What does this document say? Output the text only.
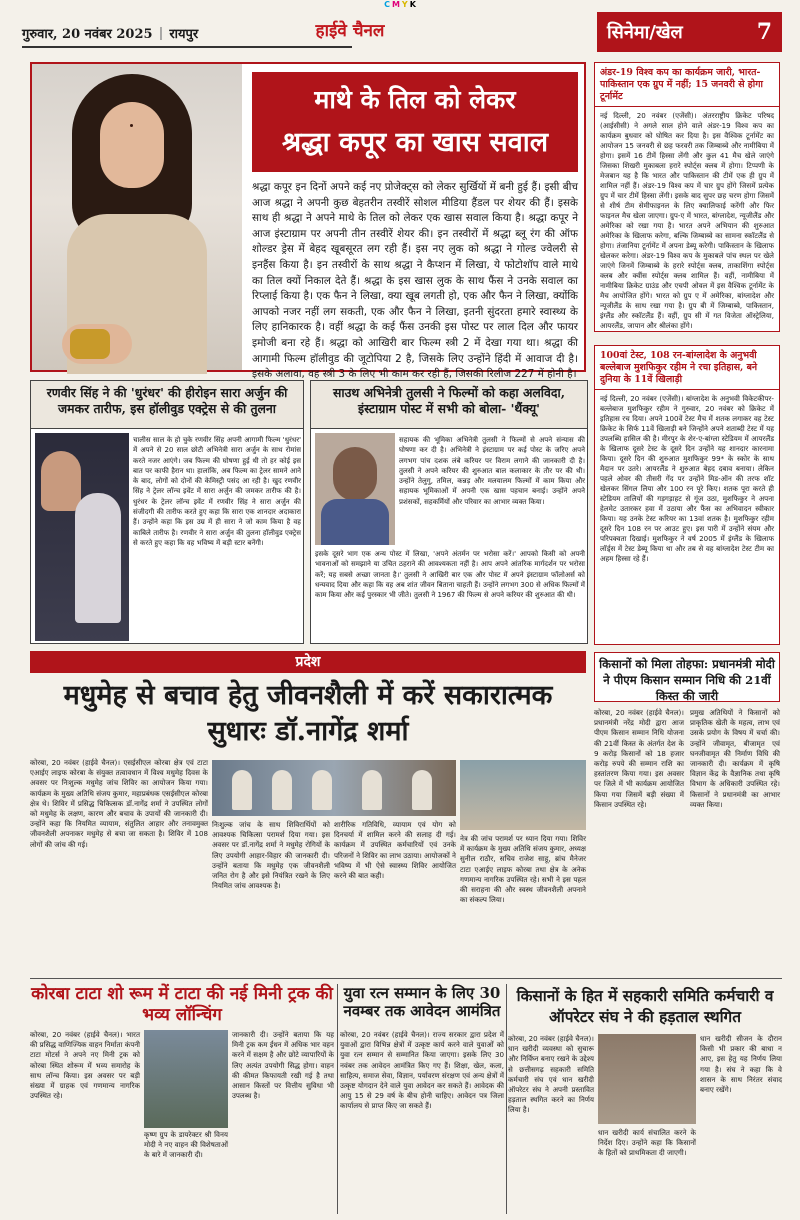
C M Y K
गुरुवार, 20 नवंबर 2025 | रायपुर	हाईवे चैनल	सिनेमा/खेल	7
माथे के तिल को लेकर
श्रद्धा कपूर का खास सवाल
श्रद्धा कपूर इन दिनों अपने कई नए प्रोजेक्ट्स को लेकर सुर्खियों में बनी हुई हैं। इसी बीच आज श्रद्धा ने अपनी कुछ बेहतरीन तस्वीरें सोशल मीडिया हैंडल पर शेयर की हैं। इसके साथ ही श्रद्धा ने अपने माथे के तिल को लेकर एक खास सवाल किया है। श्रद्धा कपूर ने आज इंस्टाग्राम पर अपनी तीन तस्वीरें शेयर की। इन तस्वीरों में श्रद्धा ब्लू रंग की ऑफ शोल्डर ड्रेस में बेहद खूबसूरत लग रही हैं। इस नए लुक को श्रद्धा ने गोल्ड ज्वेलरी से इनहैंस किया है। इन तस्वीरों के साथ श्रद्धा ने कैप्शन में लिखा, ये फोटोशॉप वाले माथे का तिल क्यों निकाल देते हैं। श्रद्धा के इस खास लुक के साथ फैंस ने उनके सवाल का रिप्लाई किया है। एक फैन ने लिखा, क्या खूब लगती हो, एक और फैन ने लिखा, क्योंकि आपको नजर नहीं लग सकती, एक और फैन ने लिखा, इतनी सुंदरता हमारे स्वास्थ्य के लिए हानिकारक है। वहीं श्रद्धा के कई फैंस उनकी इस पोस्ट पर लाल दिल और फायर इमोजी बना रहे हैं। श्रद्धा को आखिरी बार फिल्म स्त्री 2 में देखा गया था। श्रद्धा की आगामी फिल्म हॉलीवुड की जूटोपिया 2 है, जिसके लिए उन्होंने हिंदी में आवाज दी है। इसके अलावा, वह स्त्री 3 के लिए भी काम कर रही हैं, जिसकी रिलीज 227 में होनी है।
अंडर-19 विश्व कप का कार्यक्रम जारी, भारत-पाकिस्तान एक ग्रुप में नहीं; 15 जनवरी से होगा टूर्नामेंट
नई दिल्ली, 20 नवंबर (एजेंसी)। अंतरराष्ट्रीय क्रिकेट परिषद (आईसीसी) ने अगले साल होने वाले अंडर-19 विश्व कप का कार्यक्रम बुधवार को घोषित कर दिया है। इस वैश्विक टूर्नामेंट का आयोजन 15 जनवरी से छह फरवरी तक जिम्बाब्वे और नामीबिया में होगा। इसमें 16 टीमें हिस्सा लेंगी और कुल 41 मैच खेले जाएंगे जिसका शिखरी मुकाबला हरारे स्पोर्ट्स क्लब में होगा। टिप्पणी के मेजबान यह है कि भारत और पाकिस्तान की टीमें एक ही ग्रुप में शामिल नहीं हैं। अंडर-19 विश्व कप में चार ग्रुप होंगे जिसमें प्रत्येक ग्रुप में चार टीमें हिस्सा लेंगी। इसके बाद सुपर छह चरण होगा जिसमें से शीर्ष टीम सेमीफाइनल के लिए क्वालिफाई करेंगी और फिर फाइनल मैच खेला जाएगा। ग्रुप-ए में भारत, बांग्लादेश, न्यूजीलैंड और अमेरिका को रखा गया है। भारत अपने अभियान की शुरुआत अमेरिका के खिलाफ करेगा, बल्कि जिम्बाब्वे का सामना स्कॉटलैंड से होगा। तंजानिया टूर्नामेंट में अपना डेब्यू करेगी। पाकिस्तान के खिलाफ खेलकर करेगा। अंडर-19 विश्व कप के मुकाबले पांच स्थल पर खेले जाएंगे जिनमें जिम्बाब्वे के हरारे स्पोर्ट्स क्लब, ताकाशिंगा स्पोर्ट्स क्लब और क्वींस स्पोर्ट्स क्लब शामिल हैं। वहीं, नामीबिया में नामीबिया क्रिकेट ग्राउंड और एचपी ओवल में इस वैश्विक टूर्नामेंट के मैच आयोजित होंगे। भारत को ग्रुप ए में अमेरिका, बांग्लादेश और न्यूजीलैंड के साथ रखा गया है। ग्रुप बी में जिम्बाब्वे, पाकिस्तान, इंग्लैंड और स्कॉटलैंड हैं। वहीं, ग्रुप सी में गत विजेता ऑस्ट्रेलिया, आयरलैंड, जापान और श्रीलंका होंगे।
100वां टेस्ट, 108 रन-बांग्लादेश के अनुभवी बल्लेबाज मुशफिकुर रहीम ने रचा इतिहास, बने दुनिया के 11वें खिलाड़ी
नई दिल्ली, 20 नवंबर (एजेंसी)। बांग्लादेश के अनुभवी विकेटकीपर-बल्लेबाज मुशफिकुर रहीम ने गुरुवार, 20 नवंबर को क्रिकेट में इतिहास रच दिया। अपने 100वें टेस्ट मैच में शतक लगाकर वह टेस्ट क्रिकेट के सिर्फ 11वें खिलाड़ी बने जिन्होंने अपने शताब्दी टेस्ट में यह उपलब्धि हासिल की है। मीरपुर के शेर-ए-बांग्ला स्टेडियम में आयरलैंड के खिलाफ दूसरे टेस्ट के दूसरे दिन उन्होंने यह शानदार कारनामा किया। दूसरे दिन की शुरुआत मुशफिकुर 99* के स्कोर के साथ मैदान पर उतरे। आयरलैंड ने शुरुआत बेहद दबाव बनाया। लेकिन पहले ओवर की तीसरी गेंद पर उन्होंने मिड-ऑन की तरफ शॉट खेलकर सिंगल लिया और 100 रन पूरे किए। शतक पूरा करते ही स्टेडियम तालियों की गड़गड़ाहट से गूंज उठा, मुशफिकुर ने अपना हेलमेट उतारकर हवा में उठाया और फैंस का अभिवादन स्वीकार किया। यह उनके टेस्ट करियर का 13वां शतक है। मुशफिकुर रहीम दूसरे दिन 108 रन पर आउट हुए। इस पारी में उन्होंने संयम और परिपक्वता दिखाई। मुशफिकुर ने वर्ष 2005 में इंग्लैंड के खिलाफ लॉर्ड्स में टेस्ट डेब्यू किया था और तब से वह बांग्लादेश टेस्ट टीम का अहम हिस्सा रहे हैं।
रणवीर सिंह ने की 'धुरंधर' की हीरोइन सारा अर्जुन की जमकर तारीफ, इस हॉलीवुड एक्ट्रेस से की तुलना
चालीस साल के हो चुके रणवीर सिंह अपनी आगामी फिल्म 'धुरंधर' में अपने से 20 साल छोटी अभिनेत्री सारा अर्जुन के साथ रोमांस करते नजर आएंगे। जब फिल्म की घोषणा हुई थी तो हर कोई इस बात पर काफी हैरान था। हालांकि, अब फिल्म का ट्रेलर सामने आने के बाद, लोगों को दोनों की केमिस्ट्री पसंद आ रही है। खुद रणवीर सिंह ने ट्रेलर लॉन्च इवेंट में सारा अर्जुन की जमकर तारीफ की है। धुरंधर के ट्रेलर लॉन्च इवेंट में रणवीर सिंह ने सारा अर्जुन की संजीदगी की तारीफ करते हुए कहा कि सारा एक शानदार अदाकारा हैं। उन्होंने कहा कि इस उम्र में ही सारा ने जो काम किया है वह काबिले तारीफ है। रणवीर ने सारा अर्जुन की तुलना हॉलीवुड एक्ट्रेस से करते हुए कहा कि वह भविष्य में बड़ी स्टार बनेंगी।
साउथ अभिनेत्री तुलसी ने फिल्मों को कहा अलविदा, इंस्टाग्राम पोस्ट में सभी को बोला- 'थैंक्यू'
सहायक की भूमिका अभिनेत्री तुलसी ने फिल्मों से अपने संन्यास की घोषणा कर दी है। अभिनेत्री ने इंस्टाग्राम पर कई पोस्ट के जरिए अपने लगभग पांच दशक लंबे करियर पर विराम लगाने की जानकारी दी है। तुलसी ने अपने करियर की शुरुआत बाल कलाकार के तौर पर की थी। उन्होंने तेलुगु, तमिल, कन्नड़ और मलयालम फिल्मों में काम किया और सहायक भूमिकाओं में अपनी एक खास पहचान बनाई। उन्होंने अपने प्रशंसकों, सहकर्मियों और परिवार का आभार व्यक्त किया।
इसके दूसरे भाग एक अन्य पोस्ट में लिखा, 'अपने अंतर्मन पर भरोसा करें।' आपको किसी को अपनी भावनाओं को समझाने या उचित ठहराने की आवश्यकता नहीं है। आप अपने आंतरिक मार्गदर्शन पर भरोसा करें; यह सबसे अच्छा जानता है।' तुलसी ने आखिरी बार एक और पोस्ट में अपने इंस्टाग्राम फॉलोअर्स को धन्यवाद दिया और कहा कि वह अब शांत जीवन बिताना चाहती हैं। उन्होंने लगभग 300 से अधिक फिल्मों में काम किया और कई पुरस्कार भी जीते। तुलसी ने 1967 की फिल्म से अपने करियर की शुरुआत की थी।
प्रदेश
मधुमेह से बचाव हेतु जीवनशैली में करें सकारात्मक सुधारः डॉ.नागेंद्र शर्मा
कोरबा, 20 नवंबर (हाईवे चैनल)। एसईसीएल कोरबा क्षेत्र एवं टाटा एआईए लाइफ कोरबा के संयुक्त तत्वावधान में विश्व मधुमेह दिवस के अवसर पर निःशुल्क मधुमेह जांच शिविर का आयोजन किया गया। कार्यक्रम के मुख्य अतिथि संजय कुमार, महाप्रबंधक एसईसीएल कोरबा क्षेत्र थे। शिविर में प्रसिद्ध चिकित्सक डॉ.नागेंद्र शर्मा ने उपस्थित लोगों को मधुमेह के लक्षण, कारण और बचाव के उपायों की जानकारी दी। उन्होंने कहा कि नियमित व्यायाम, संतुलित आहार और तनावमुक्त जीवनशैली अपनाकर मधुमेह से बचा जा सकता है। शिविर में 108 लोगों की जांच की गई।
निःशुल्क जांच के साथ शिविरार्थियों को आवश्यक चिकित्सा परामर्श दिया गया। इस अवसर पर डॉ.नागेंद्र शर्मा ने मधुमेह रोगियों के लिए उपयोगी आहार-विहार की जानकारी दी। उन्होंने बताया कि मधुमेह एक जीवनशैली जनित रोग है और इसे नियंत्रित रखने के लिए नियमित जांच आवश्यक है।
शारीरिक गतिविधि, व्यायाम एवं योग को दिनचर्या में शामिल करने की सलाह दी गई। कार्यक्रम में उपस्थित कर्मचारियों एवं उनके परिजनों ने शिविर का लाभ उठाया। आयोजकों ने भविष्य में भी ऐसे स्वास्थ्य शिविर आयोजित करने की बात कही।
नेत्र की जांच परामर्श पर ध्यान दिया गया। शिविर में कार्यक्रम के मुख्य अतिथि संजय कुमार, अध्यक्ष सुनील राठौर, सचिव राजेश साहू, ब्रांच मैनेजर टाटा एआईए लाइफ कोरबा तथा क्षेत्र के अनेक गणमान्य नागरिक उपस्थित रहे। सभी ने इस पहल की सराहना की और स्वस्थ जीवनशैली अपनाने का संकल्प लिया।
किसानों को मिला तोहफा: प्रधानमंत्री मोदी ने पीएम किसान सम्मान निधि की 21वीं किस्त की जारी
कोरबा, 20 नवंबर (हाईवे चैनल)। प्रधानमंत्री नरेंद्र मोदी द्वारा आज पीएम किसान सम्मान निधि योजना की 21वीं किस्त के अंतर्गत देश के 9 करोड़ किसानों को 18 हजार करोड़ रुपये की सम्मान राशि का हस्तांतरण किया गया। इस अवसर पर जिले में भी कार्यक्रम आयोजित किया गया जिसमें बड़ी संख्या में किसान उपस्थित रहे।
प्रमुख अतिथियों ने किसानों को प्राकृतिक खेती के महत्व, लाभ एवं उसके प्रयोग के विषय में चर्चा की। उन्होंने जीवामृत, बीजामृत एवं घनजीवामृत की निर्माण विधि की जानकारी दी। कार्यक्रम में कृषि विज्ञान केंद्र के वैज्ञानिक तथा कृषि विभाग के अधिकारी उपस्थित रहे। किसानों ने प्रधानमंत्री का आभार व्यक्त किया।
कोरबा टाटा शो रूम में टाटा की नई मिनी ट्रक की भव्य लॉन्चिंग
कोरबा, 20 नवंबर (हाईवे चैनल)। भारत की प्रसिद्ध वाणिज्यिक वाहन निर्माता कंपनी टाटा मोटर्स ने अपने नए मिनी ट्रक को कोरबा स्थित शोरूम में भव्य समारोह के साथ लॉन्च किया। इस अवसर पर बड़ी संख्या में ग्राहक एवं गणमान्य नागरिक उपस्थित रहे।
कृष्ण ग्रुप के डायरेक्टर श्री विनय मोदी ने नए वाहन की विशेषताओं के बारे में जानकारी दी।
जानकारी दी। उन्होंने बताया कि यह मिनी ट्रक कम ईंधन में अधिक भार वहन करने में सक्षम है और छोटे व्यापारियों के लिए अत्यंत उपयोगी सिद्ध होगा। वाहन की कीमत किफायती रखी गई है तथा आसान किस्तों पर वित्तीय सुविधा भी उपलब्ध है।
युवा रत्न सम्मान के लिए 30 नवम्बर तक आवेदन आमंत्रित
कोरबा, 20 नवंबर (हाईवे चैनल)। राज्य सरकार द्वारा प्रदेश में युवाओं द्वारा विभिन्न क्षेत्रों में उत्कृष्ट कार्य करने वाले युवाओं को युवा रत्न सम्मान से सम्मानित किया जाएगा। इसके लिए 30 नवंबर तक आवेदन आमंत्रित किए गए हैं। शिक्षा, खेल, कला, साहित्य, समाज सेवा, विज्ञान, पर्यावरण संरक्षण एवं अन्य क्षेत्रों में उत्कृष्ट योगदान देने वाले युवा आवेदन कर सकते हैं। आवेदक की आयु 15 से 29 वर्ष के बीच होनी चाहिए। आवेदन पत्र जिला कार्यालय से प्राप्त किए जा सकते हैं।
किसानों के हित में सहकारी समिति कर्मचारी व ऑपरेटर संघ ने की हड़ताल स्थगित
कोरबा, 20 नवंबर (हाईवे चैनल)। धान खरीदी व्यवस्था को सुचारू और निर्विघ्न बनाए रखने के उद्देश्य से छत्तीसगढ़ सहकारी समिति कर्मचारी संघ एवं धान खरीदी ऑपरेटर संघ ने अपनी प्रस्तावित हड़ताल स्थगित करने का निर्णय लिया है।
धान खरीदी कार्य संचालित करने के निर्देश दिए। उन्होंने कहा कि किसानों के हितों को प्राथमिकता दी जाएगी।
धान खरीदी सीजन के दौरान किसी भी प्रकार की बाधा न आए, इस हेतु यह निर्णय लिया गया है। संघ ने कहा कि वे शासन के साथ निरंतर संवाद बनाए रखेंगे।
